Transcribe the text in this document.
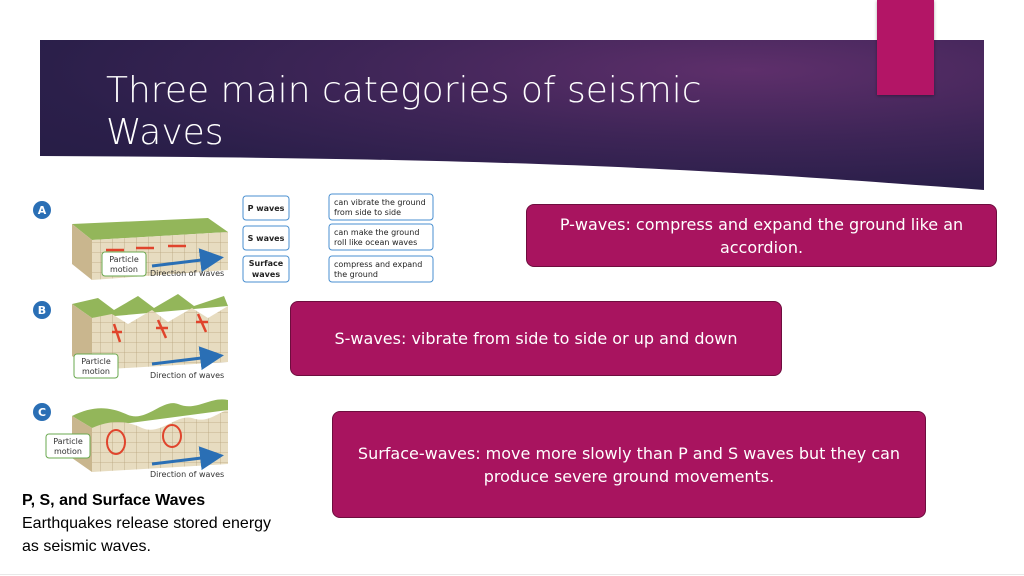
Three main categories of seismic
Waves
P-waves: compress and expand the ground like an accordion.
S-waves: vibrate from side to side or up and down
Surface-waves: move more slowly than P and S waves but they can produce severe ground movements.
A
Particle
motion Direction of waves
P waves
S waves
Surface
waves
can vibrate the ground
from side to side
can make the ground
roll like ocean waves
compress and expand
the ground
B
Particle
motion	Direction of waves
C
Particle
motion
Direction of waves
P, S, and Surface Waves
Earthquakes release stored energy as seismic waves.
